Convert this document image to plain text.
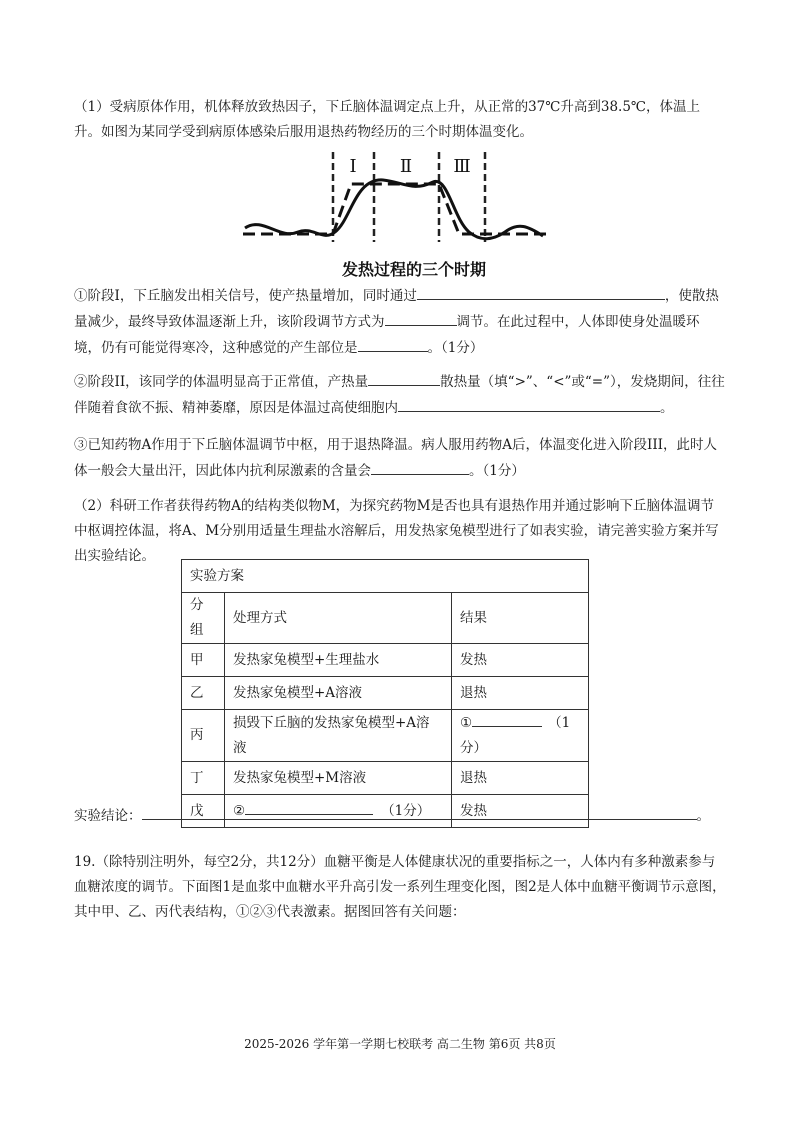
（1）受病原体作用，机体释放致热因子，下丘脑体温调定点上升，从正常的37℃升高到38.5℃，体温上升。如图为某同学受到病原体感染后服用退热药物经历的三个时期体温变化。

Ⅰ Ⅱ Ⅲ
发热过程的三个时期

①阶段I，下丘脑发出相关信号，使产热量增加，同时通过	，使散热量减少，最终导致体温逐渐上升，该阶段调节方式为	调节。在此过程中，人体即使身处温暖环境，仍有可能觉得寒冷，这种感觉的产生部位是	。（1分）

②阶段II，该同学的体温明显高于正常值，产热量	散热量（填“>”、“<”或“=”），发烧期间，往往伴随着食欲不振、精神萎靡，原因是体温过高使细胞内	。

③已知药物A作用于下丘脑体温调节中枢，用于退热降温。病人服用药物A后，体温变化进入阶段III，此时人体一般会大量出汗，因此体内抗利尿激素的含量会	。（1分）

（2）科研工作者获得药物A的结构类似物M，为探究药物M是否也具有退热作用并通过影响下丘脑体温调节中枢调控体温，将A、M分别用适量生理盐水溶解后，用发热家兔模型进行了如表实验，请完善实验方案并写出实验结论。

实验方案		
分组	处理方式	结果
甲	发热家兔模型+生理盐水	发热
乙	发热家兔模型+A溶液	退热
丙	损毁下丘脑的发热家兔模型+A溶液	① （1分）
丁	发热家兔模型+M溶液	退热
戊	② （1分）	发热

实验结论：	。

19.（除特别注明外，每空2分，共12分）血糖平衡是人体健康状况的重要指标之一，人体内有多种激素参与血糖浓度的调节。下面图1是血浆中血糖水平升高引发一系列生理变化图，图2是人体中血糖平衡调节示意图，其中甲、乙、丙代表结构，①②③代表激素。据图回答有关问题：

2025-2026 学年第一学期七校联考 高二生物 第6页 共8页
